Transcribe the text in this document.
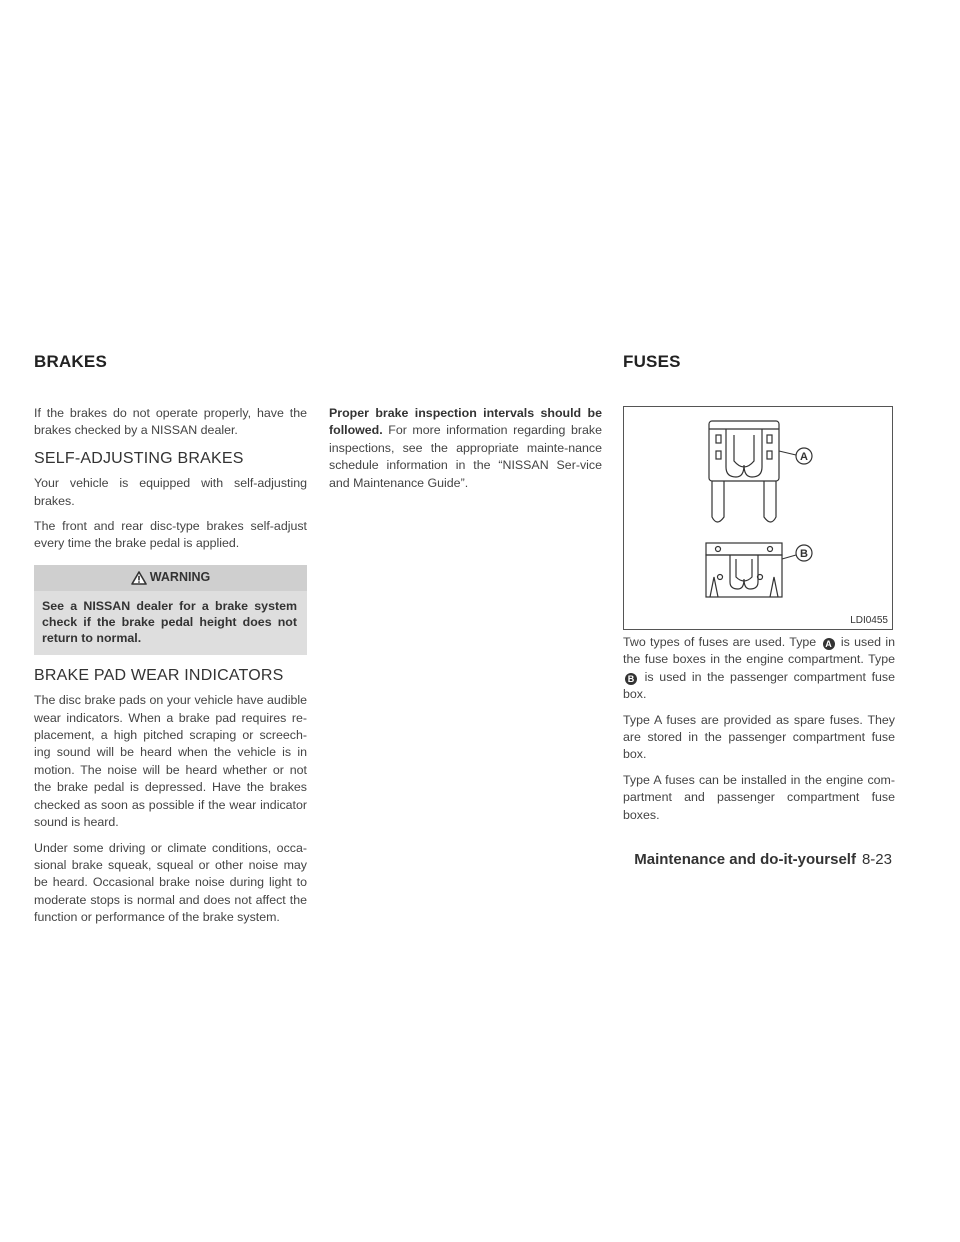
BRAKES	FUSES

If the brakes do not operate properly, have the brakes checked by a NISSAN dealer.

SELF-ADJUSTING BRAKES

Your vehicle is equipped with self-adjusting brakes.

The front and rear disc-type brakes self-adjust every time the brake pedal is applied.

WARNING
See a NISSAN dealer for a brake system check if the brake pedal height does not return to normal.
BRAKE PAD WEAR INDICATORS

The disc brake pads on your vehicle have audible wear indicators. When a brake pad requires re-placement, a high pitched scraping or screech-ing sound will be heard when the vehicle is in motion. The noise will be heard whether or not the brake pedal is depressed. Have the brakes checked as soon as possible if the wear indicator sound is heard.

Under some driving or climate conditions, occa-sional brake squeak, squeal or other noise may be heard. Occasional brake noise during light to moderate stops is normal and does not affect the function or performance of the brake system.

Proper brake inspection intervals should be followed. For more information regarding brake inspections, see the appropriate mainte-nance schedule information in the “NISSAN Ser-vice and Maintenance Guide”.

A
B
LDI0455

Two types of fuses are used. Type A is used in the fuse boxes in the engine compartment. Type B is used in the passenger compartment fuse box.

Type A fuses are provided as spare fuses. They are stored in the passenger compartment fuse box.

Type A fuses can be installed in the engine com-partment and passenger compartment fuse boxes.

Maintenance and do-it-yourself 8-23
